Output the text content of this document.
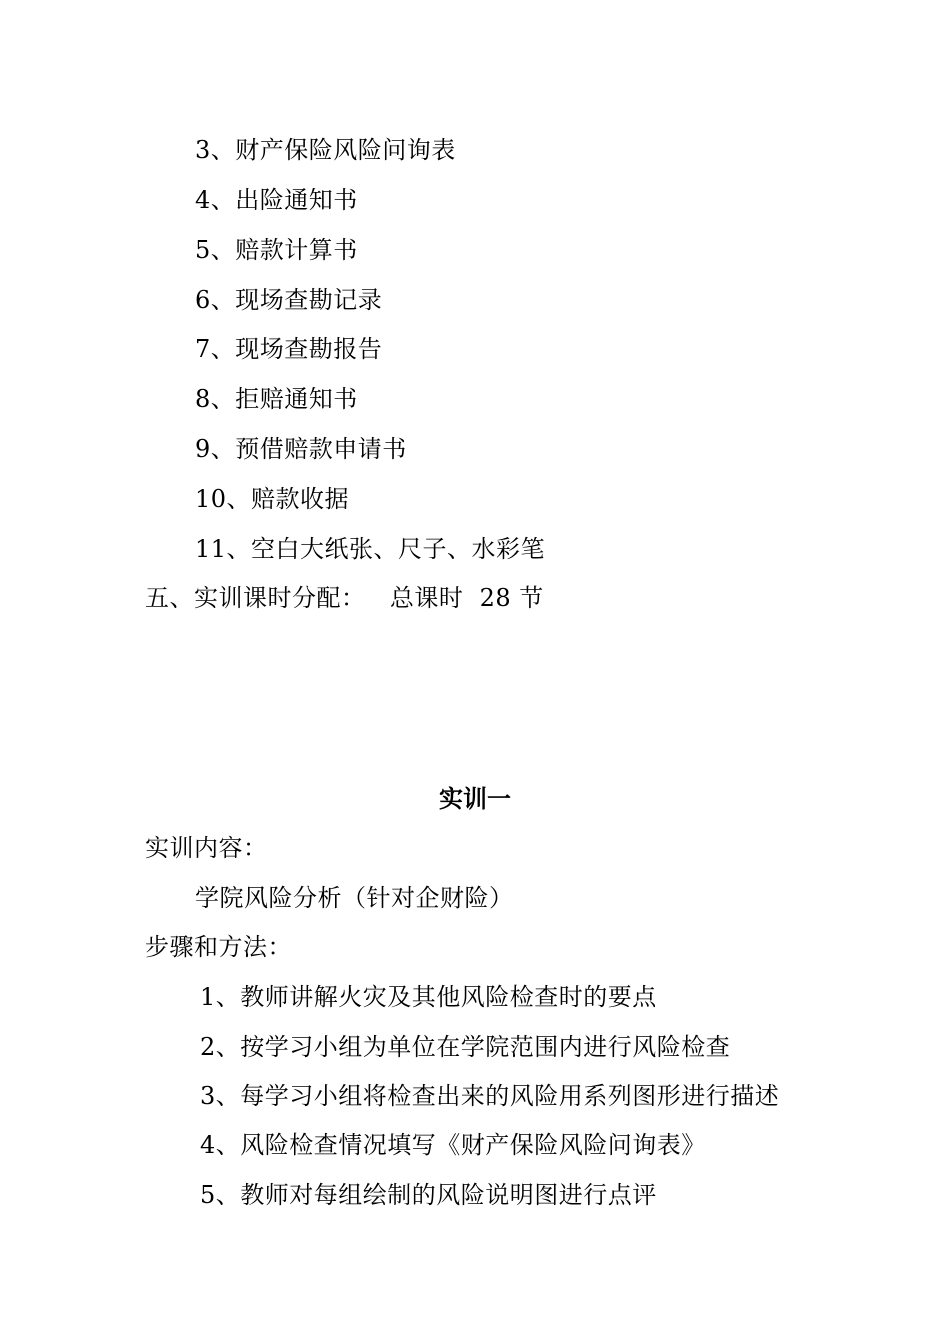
3、财产保险风险问询表
4、出险通知书
5、赔款计算书
6、现场查勘记录
7、现场查勘报告
8、拒赔通知书
9、预借赔款申请书
10、赔款收据
11、空白大纸张、尺子、水彩笔
五、实训课时分配：   总课时  28 节
实训一
实训内容：
学院风险分析（针对企财险）
步骤和方法：
1、教师讲解火灾及其他风险检查时的要点
2、按学习小组为单位在学院范围内进行风险检查
3、每学习小组将检查出来的风险用系列图形进行描述
4、风险检查情况填写《财产保险风险问询表》
5、教师对每组绘制的风险说明图进行点评
